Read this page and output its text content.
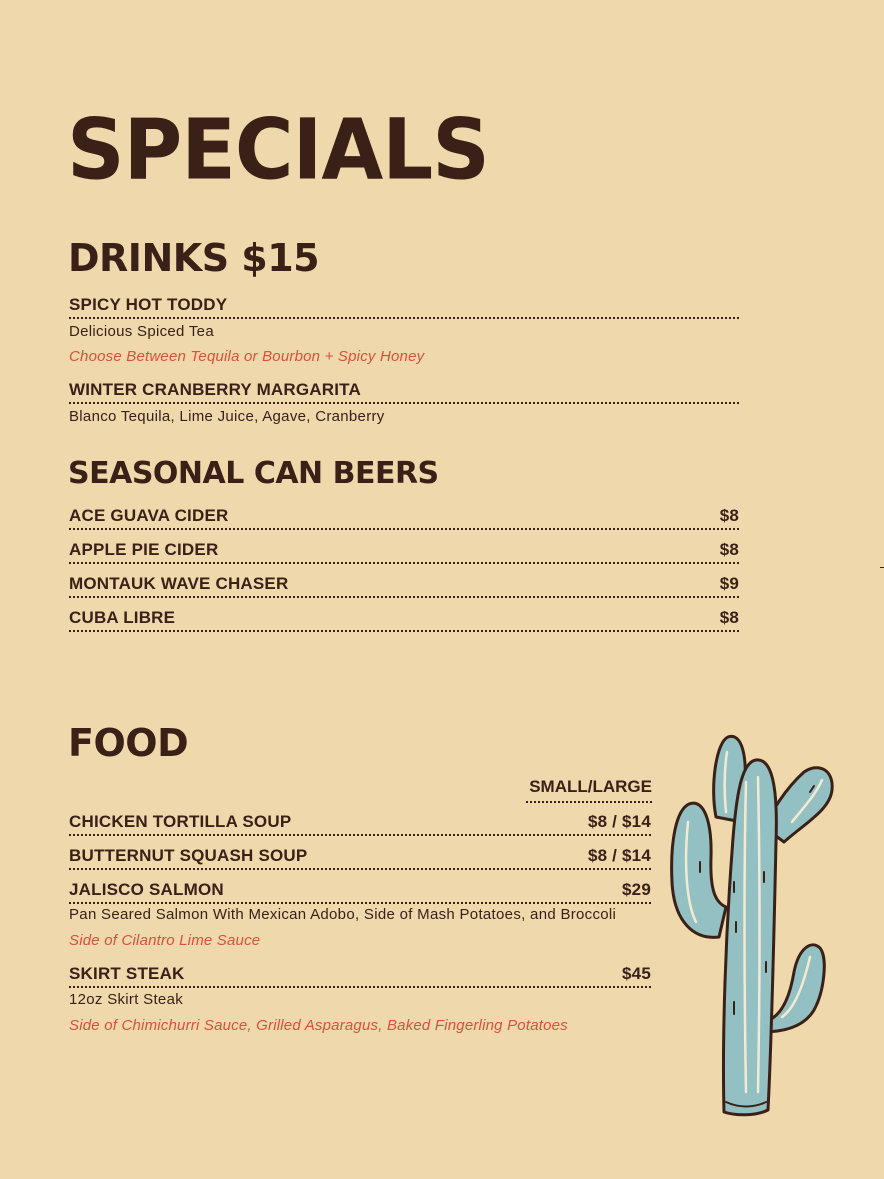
SPECIALS
DRINKS $15
SPICY HOT TODDY
Delicious Spiced Tea
Choose Between Tequila or Bourbon + Spicy Honey
WINTER CRANBERRY MARGARITA
Blanco Tequila, Lime Juice, Agave, Cranberry
SEASONAL CAN BEERS
ACE GUAVA CIDER	$8
APPLE PIE CIDER	$8
MONTAUK WAVE CHASER	$9
CUBA LIBRE	$8
FOOD
SMALL/LARGE
CHICKEN TORTILLA SOUP	$8 / $14
BUTTERNUT SQUASH SOUP	$8 / $14
JALISCO SALMON	$29
Pan Seared Salmon With Mexican Adobo, Side of Mash Potatoes, and Broccoli
Side of Cilantro Lime Sauce
SKIRT STEAK	$45
12oz Skirt Steak
Side of Chimichurri Sauce, Grilled Asparagus, Baked Fingerling Potatoes
